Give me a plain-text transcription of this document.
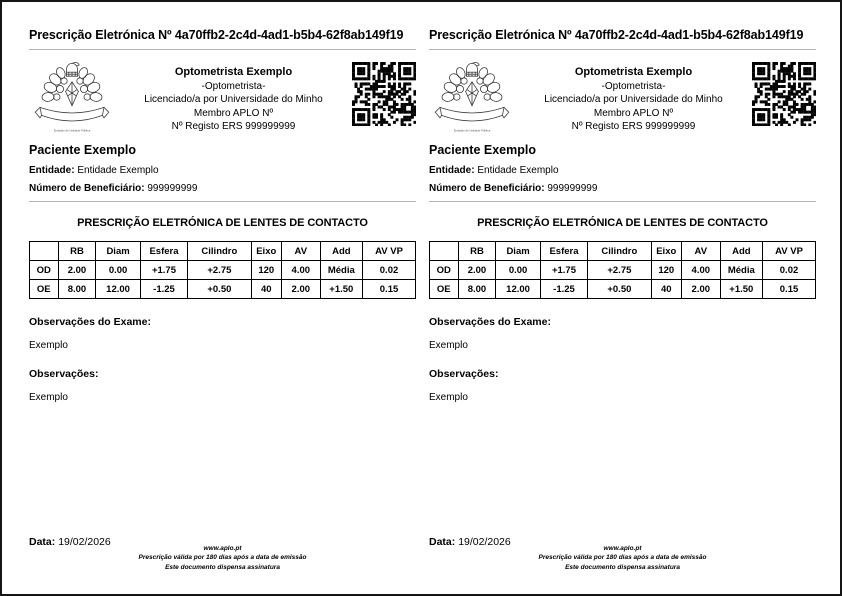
Prescrição Eletrónica Nº 4a70ffb2-2c4d-4ad1-b5b4-62f8ab149f19
Entidade de Utilidade Pública
Optometrista Exemplo
-Optometrista-
Licenciado/a por Universidade do Minho
Membro APLO Nº
Nº Registo ERS 999999999
Paciente Exemplo
Entidade: Entidade Exemplo
Número de Beneficiário: 999999999
PRESCRIÇÃO ELETRÓNICA DE LENTES DE CONTACTO
	RB	Diam	Esfera	Cilindro	Eixo	AV	Add	AV VP
OD	2.00	0.00	+1.75	+2.75	120	4.00	Média	0.02
OE	8.00	12.00	-1.25	+0.50	40	2.00	+1.50	0.15
Observações do Exame:
Exemplo
Observações:
Exemplo
Data: 19/02/2026
www.aplo.pt
Prescrição válida por 180 dias após a data de emissão
Este documento dispensa assinatura
Prescrição Eletrónica Nº 4a70ffb2-2c4d-4ad1-b5b4-62f8ab149f19
Entidade de Utilidade Pública
Optometrista Exemplo
-Optometrista-
Licenciado/a por Universidade do Minho
Membro APLO Nº
Nº Registo ERS 999999999
Paciente Exemplo
Entidade: Entidade Exemplo
Número de Beneficiário: 999999999
PRESCRIÇÃO ELETRÓNICA DE LENTES DE CONTACTO
	RB	Diam	Esfera	Cilindro	Eixo	AV	Add	AV VP
OD	2.00	0.00	+1.75	+2.75	120	4.00	Média	0.02
OE	8.00	12.00	-1.25	+0.50	40	2.00	+1.50	0.15
Observações do Exame:
Exemplo
Observações:
Exemplo
Data: 19/02/2026
www.aplo.pt
Prescrição válida por 180 dias após a data de emissão
Este documento dispensa assinatura
